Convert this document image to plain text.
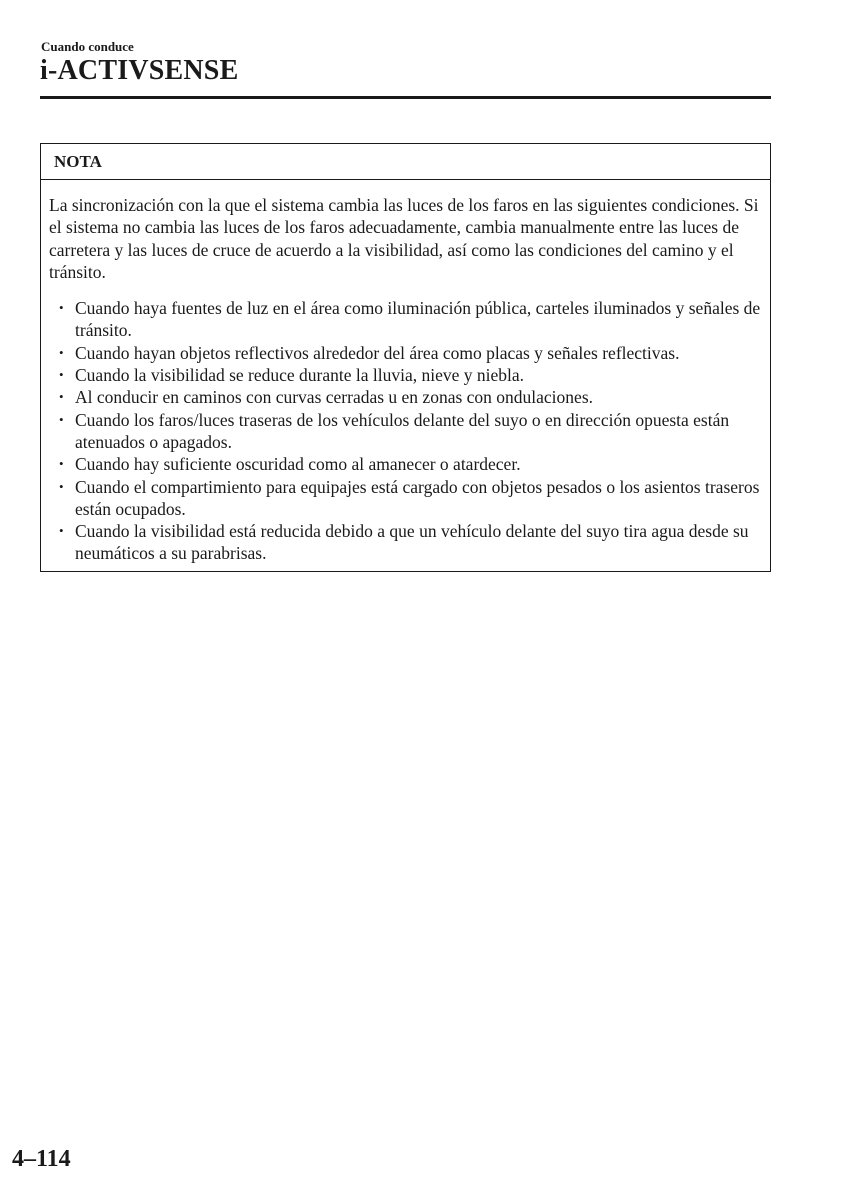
Cuando conduce
i-ACTIVSENSE
NOTA

La sincronización con la que el sistema cambia las luces de los faros en las siguientes condiciones. Si el sistema no cambia las luces de los faros adecuadamente, cambia manualmente entre las luces de carretera y las luces de cruce de acuerdo a la visibilidad, así como las condiciones del camino y el tránsito.

• Cuando haya fuentes de luz en el área como iluminación pública, carteles iluminados y señales de tránsito.
• Cuando hayan objetos reflectivos alrededor del área como placas y señales reflectivas.
• Cuando la visibilidad se reduce durante la lluvia, nieve y niebla.
• Al conducir en caminos con curvas cerradas u en zonas con ondulaciones.
• Cuando los faros/luces traseras de los vehículos delante del suyo o en dirección opuesta están atenuados o apagados.
• Cuando hay suficiente oscuridad como al amanecer o atardecer.
• Cuando el compartimiento para equipajes está cargado con objetos pesados o los asientos traseros están ocupados.
• Cuando la visibilidad está reducida debido a que un vehículo delante del suyo tira agua desde su neumáticos a su parabrisas.
4–114
